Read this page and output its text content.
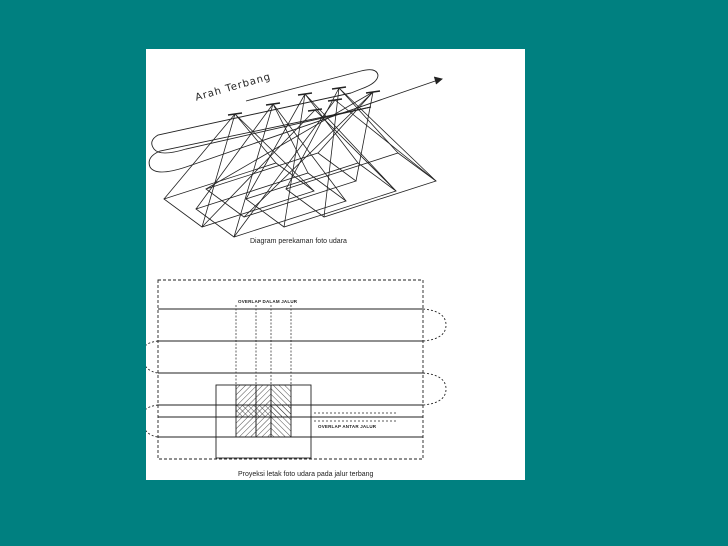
Arah Terbang
Diagram perekaman foto udara
OVERLAP DALAM JALUR
OVERLAP ANTAR JALUR
Proyeksi letak foto udara pada jalur terbang
